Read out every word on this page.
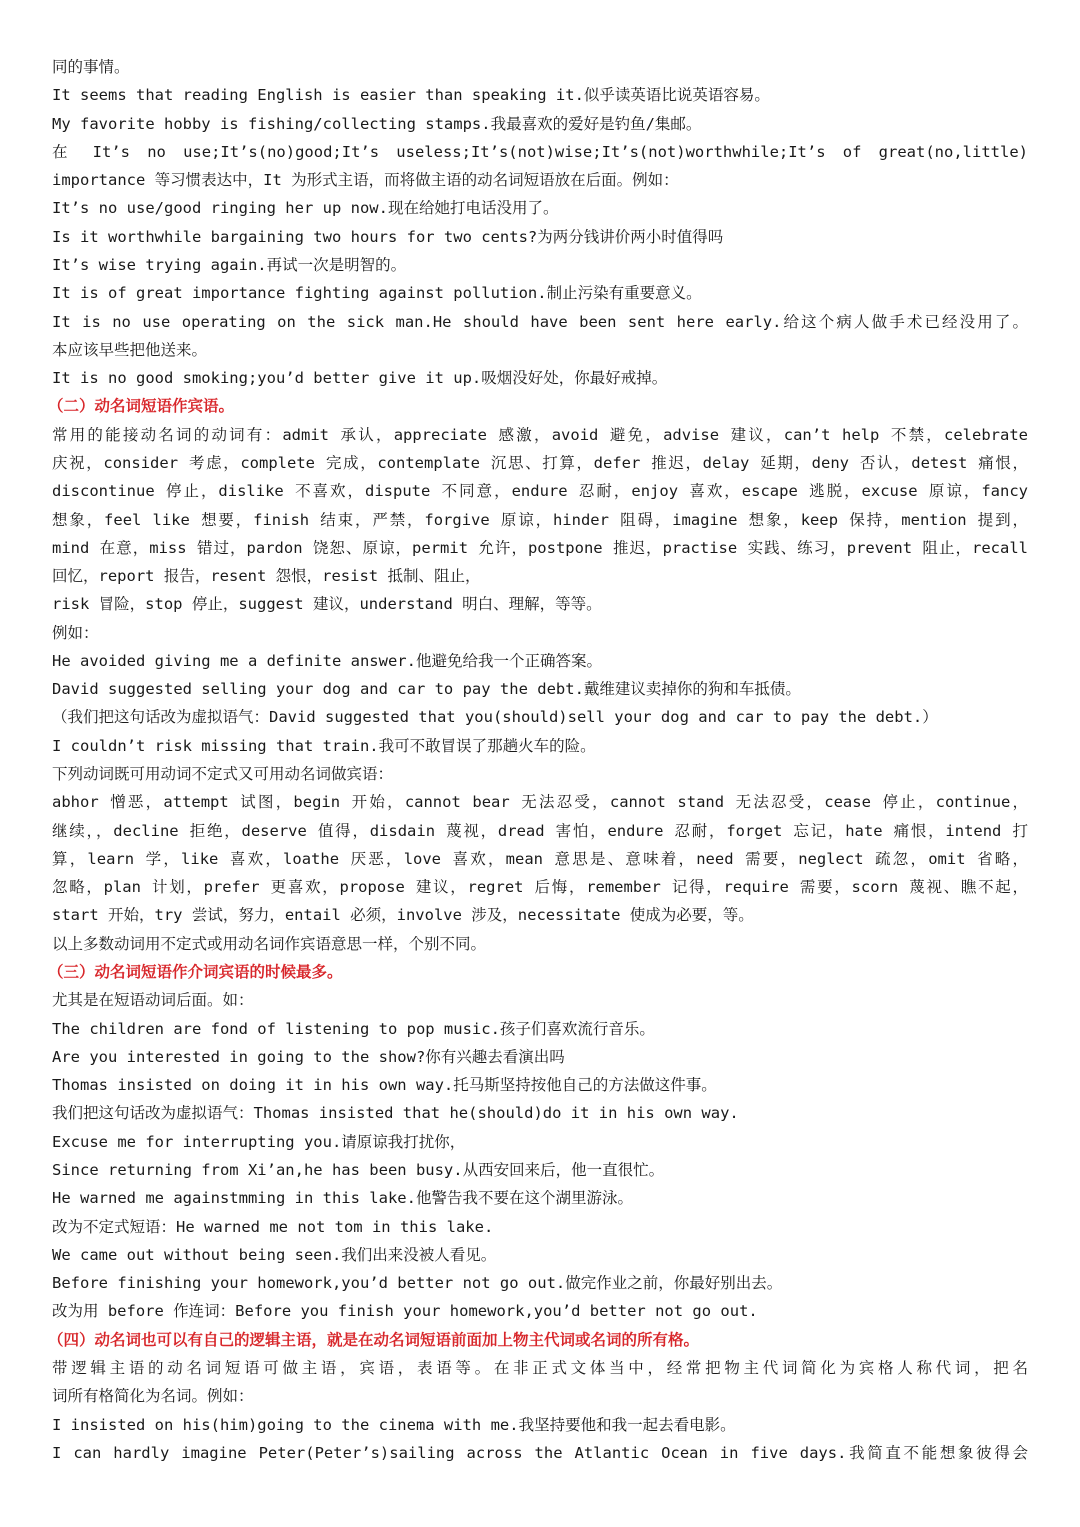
同的事情。
It seems that reading English is easier than speaking it.似乎读英语比说英语容易。
My favorite hobby is fishing/collecting stamps.我最喜欢的爱好是钓鱼/集邮。
在 It’s no use;It’s(no)good;It’s useless;It’s(not)wise;It’s(not)worthwhile;It’s of great(no,little)
importance 等习惯表达中，It 为形式主语，而将做主语的动名词短语放在后面。例如：
It’s no use/good ringing her up now.现在给她打电话没用了。
Is it worthwhile bargaining two hours for two cents?为两分钱讲价两小时值得吗
It’s wise trying again.再试一次是明智的。
It is of great importance fighting against pollution.制止污染有重要意义。
It is no use operating on the sick man.He should have been sent here early.给这个病人做手术已经没用了。
本应该早些把他送来。
It is no good smoking;you’d better give it up.吸烟没好处，你最好戒掉。
（二）动名词短语作宾语。
常用的能接动名词的动词有：admit 承认，appreciate 感激，avoid 避免，advise 建议，can’t help 不禁，celebrate
庆祝，consider 考虑，complete 完成，contemplate 沉思、打算，defer 推迟，delay 延期，deny 否认，detest 痛恨，
discontinue 停止，dislike 不喜欢，dispute 不同意，endure 忍耐，enjoy 喜欢，escape 逃脱，excuse 原谅，fancy
想象，feel like 想要，finish 结束，严禁，forgive 原谅，hinder 阻碍，imagine 想象，keep 保持，mention 提到，
mind 在意，miss 错过，pardon 饶恕、原谅，permit 允许，postpone 推迟，practise 实践、练习，prevent 阻止，recall
回忆，report 报告，resent 怨恨，resist 抵制、阻止，
risk 冒险，stop 停止，suggest 建议，understand 明白、理解，等等。
例如：
He avoided giving me a definite answer.他避免给我一个正确答案。
David suggested selling your dog and car to pay the debt.戴维建议卖掉你的狗和车抵债。
（我们把这句话改为虚拟语气：David suggested that you(should)sell your dog and car to pay the debt.）
I couldn’t risk missing that train.我可不敢冒误了那趟火车的险。
下列动词既可用动词不定式又可用动名词做宾语：
abhor 憎恶，attempt 试图，begin 开始，cannot bear 无法忍受，cannot stand 无法忍受，cease 停止，continue，
继续，，decline 拒绝，deserve 值得，disdain 蔑视，dread 害怕，endure 忍耐，forget 忘记，hate 痛恨，intend 打
算，learn 学，like 喜欢，loathe 厌恶，love 喜欢，mean 意思是、意味着，need 需要，neglect 疏忽，omit 省略，
忽略，plan 计划，prefer 更喜欢，propose 建议，regret 后悔，remember 记得，require 需要，scorn 蔑视、瞧不起，
start 开始，try 尝试，努力，entail 必须，involve 涉及，necessitate 使成为必要，等。
以上多数动词用不定式或用动名词作宾语意思一样，个别不同。
（三）动名词短语作介词宾语的时候最多。
尤其是在短语动词后面。如：
The children are fond of listening to pop music.孩子们喜欢流行音乐。
Are you interested in going to the show?你有兴趣去看演出吗
Thomas insisted on doing it in his own way.托马斯坚持按他自己的方法做这件事。
我们把这句话改为虚拟语气：Thomas insisted that he(should)do it in his own way.
Excuse me for interrupting you.请原谅我打扰你，
Since returning from Xi’an,he has been busy.从西安回来后，他一直很忙。
He warned me againstmming in this lake.他警告我不要在这个湖里游泳。
改为不定式短语：He warned me not tom in this lake.
We came out without being seen.我们出来没被人看见。
Before finishing your homework,you’d better not go out.做完作业之前，你最好别出去。
改为用 before 作连词：Before you finish your homework,you’d better not go out.
（四）动名词也可以有自己的逻辑主语，就是在动名词短语前面加上物主代词或名词的所有格。
带逻辑主语的动名词短语可做主语，宾语，表语等。在非正式文体当中，经常把物主代词简化为宾格人称代词，把名
词所有格简化为名词。例如：
I insisted on his(him)going to the cinema with me.我坚持要他和我一起去看电影。
I can hardly imagine Peter(Peter’s)sailing across the Atlantic Ocean in five days.我简直不能想象彼得会
